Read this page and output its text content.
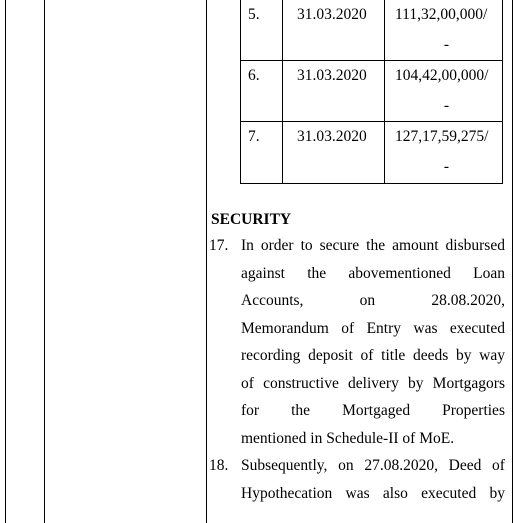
5.	31.03.2020	111,32,00,000/
-

6.	31.03.2020	104,42,00,000/
-

7.	31.03.2020	127,17,59,275/
-
SECURITY
17. In order to secure the amount disbursed
against the abovementioned Loan
Accounts,	on	28.08.2020,
Memorandum of Entry was executed
recording deposit of title deeds by way
of constructive delivery by Mortgagors
for the Mortgaged Properties
mentioned in Schedule-II of MoE.
18. Subsequently, on 27.08.2020, Deed of
Hypothecation was also executed by
